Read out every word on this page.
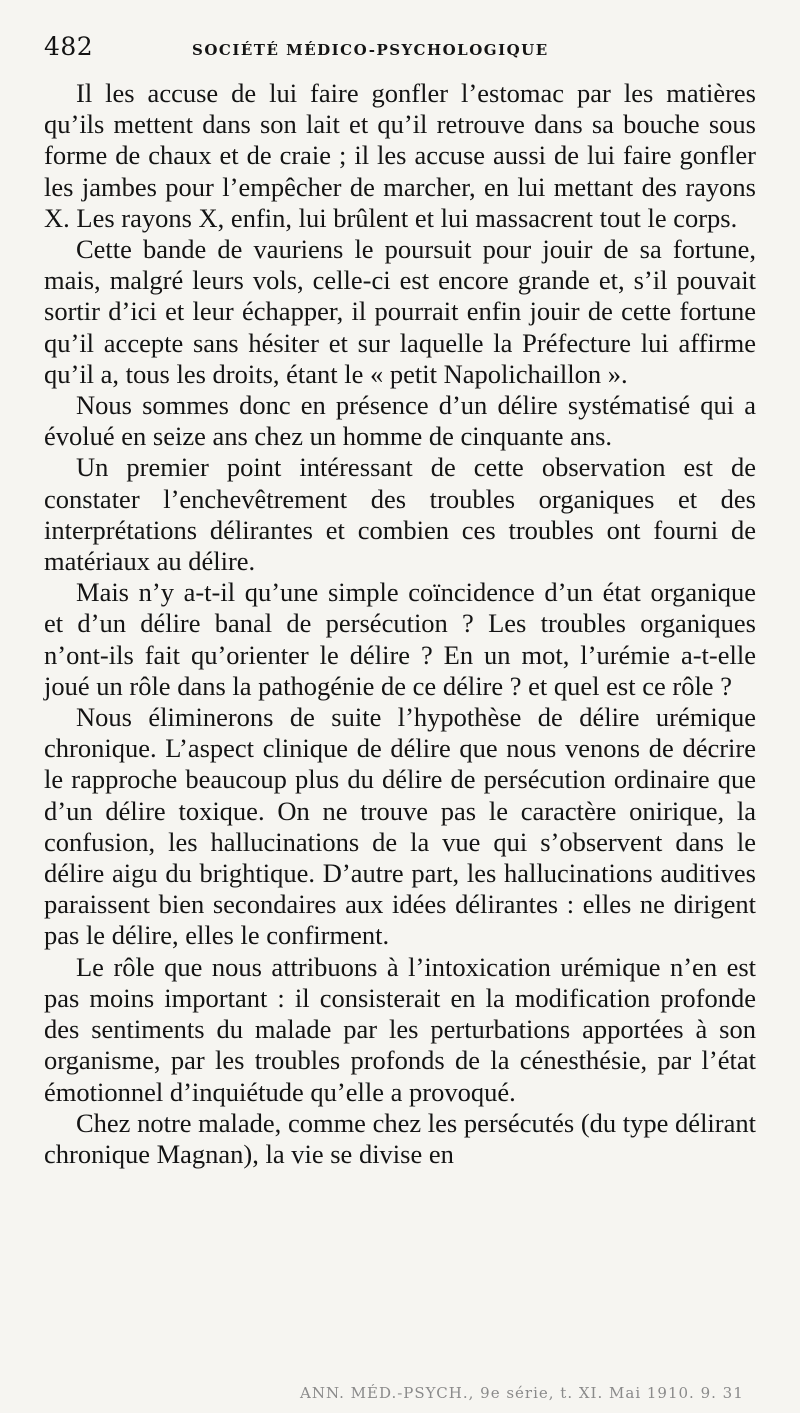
482	SOCIÉTÉ MÉDICO-PSYCHOLOGIQUE

Il les accuse de lui faire gonfler l’estomac par les matières qu’ils mettent dans son lait et qu’il retrouve dans sa bouche sous forme de chaux et de craie ; il les accuse aussi de lui faire gonfler les jambes pour l’empêcher de marcher, en lui mettant des rayons X. Les rayons X, enfin, lui brûlent et lui massacrent tout le corps.

Cette bande de vauriens le poursuit pour jouir de sa fortune, mais, malgré leurs vols, celle-ci est encore grande et, s’il pouvait sortir d’ici et leur échapper, il pourrait enfin jouir de cette fortune qu’il accepte sans hésiter et sur laquelle la Préfecture lui affirme qu’il a, tous les droits, étant le « petit Napolichaillon ».

Nous sommes donc en présence d’un délire systématisé qui a évolué en seize ans chez un homme de cinquante ans.

Un premier point intéressant de cette observation est de constater l’enchevêtrement des troubles organiques et des interprétations délirantes et combien ces troubles ont fourni de matériaux au délire.

Mais n’y a-t-il qu’une simple coïncidence d’un état organique et d’un délire banal de persécution ? Les troubles organiques n’ont-ils fait qu’orienter le délire ? En un mot, l’urémie a-t-elle joué un rôle dans la pathogénie de ce délire ? et quel est ce rôle ?

Nous éliminerons de suite l’hypothèse de délire urémique chronique. L’aspect clinique de délire que nous venons de décrire le rapproche beaucoup plus du délire de persécution ordinaire que d’un délire toxique. On ne trouve pas le caractère onirique, la confusion, les hallucinations de la vue qui s’observent dans le délire aigu du brightique. D’autre part, les hallucinations auditives paraissent bien secondaires aux idées délirantes : elles ne dirigent pas le délire, elles le confirment.

Le rôle que nous attribuons à l’intoxication urémique n’en est pas moins important : il consisterait en la modification profonde des sentiments du malade par les perturbations apportées à son organisme, par les troubles profonds de la cénesthésie, par l’état émotionnel d’inquiétude qu’elle a provoqué.

Chez notre malade, comme chez les persécutés (du type délirant chronique Magnan), la vie se divise en

ANN. MÉD.-PSYCH., 9e série, t. XI. Mai 1910. 9. 31
